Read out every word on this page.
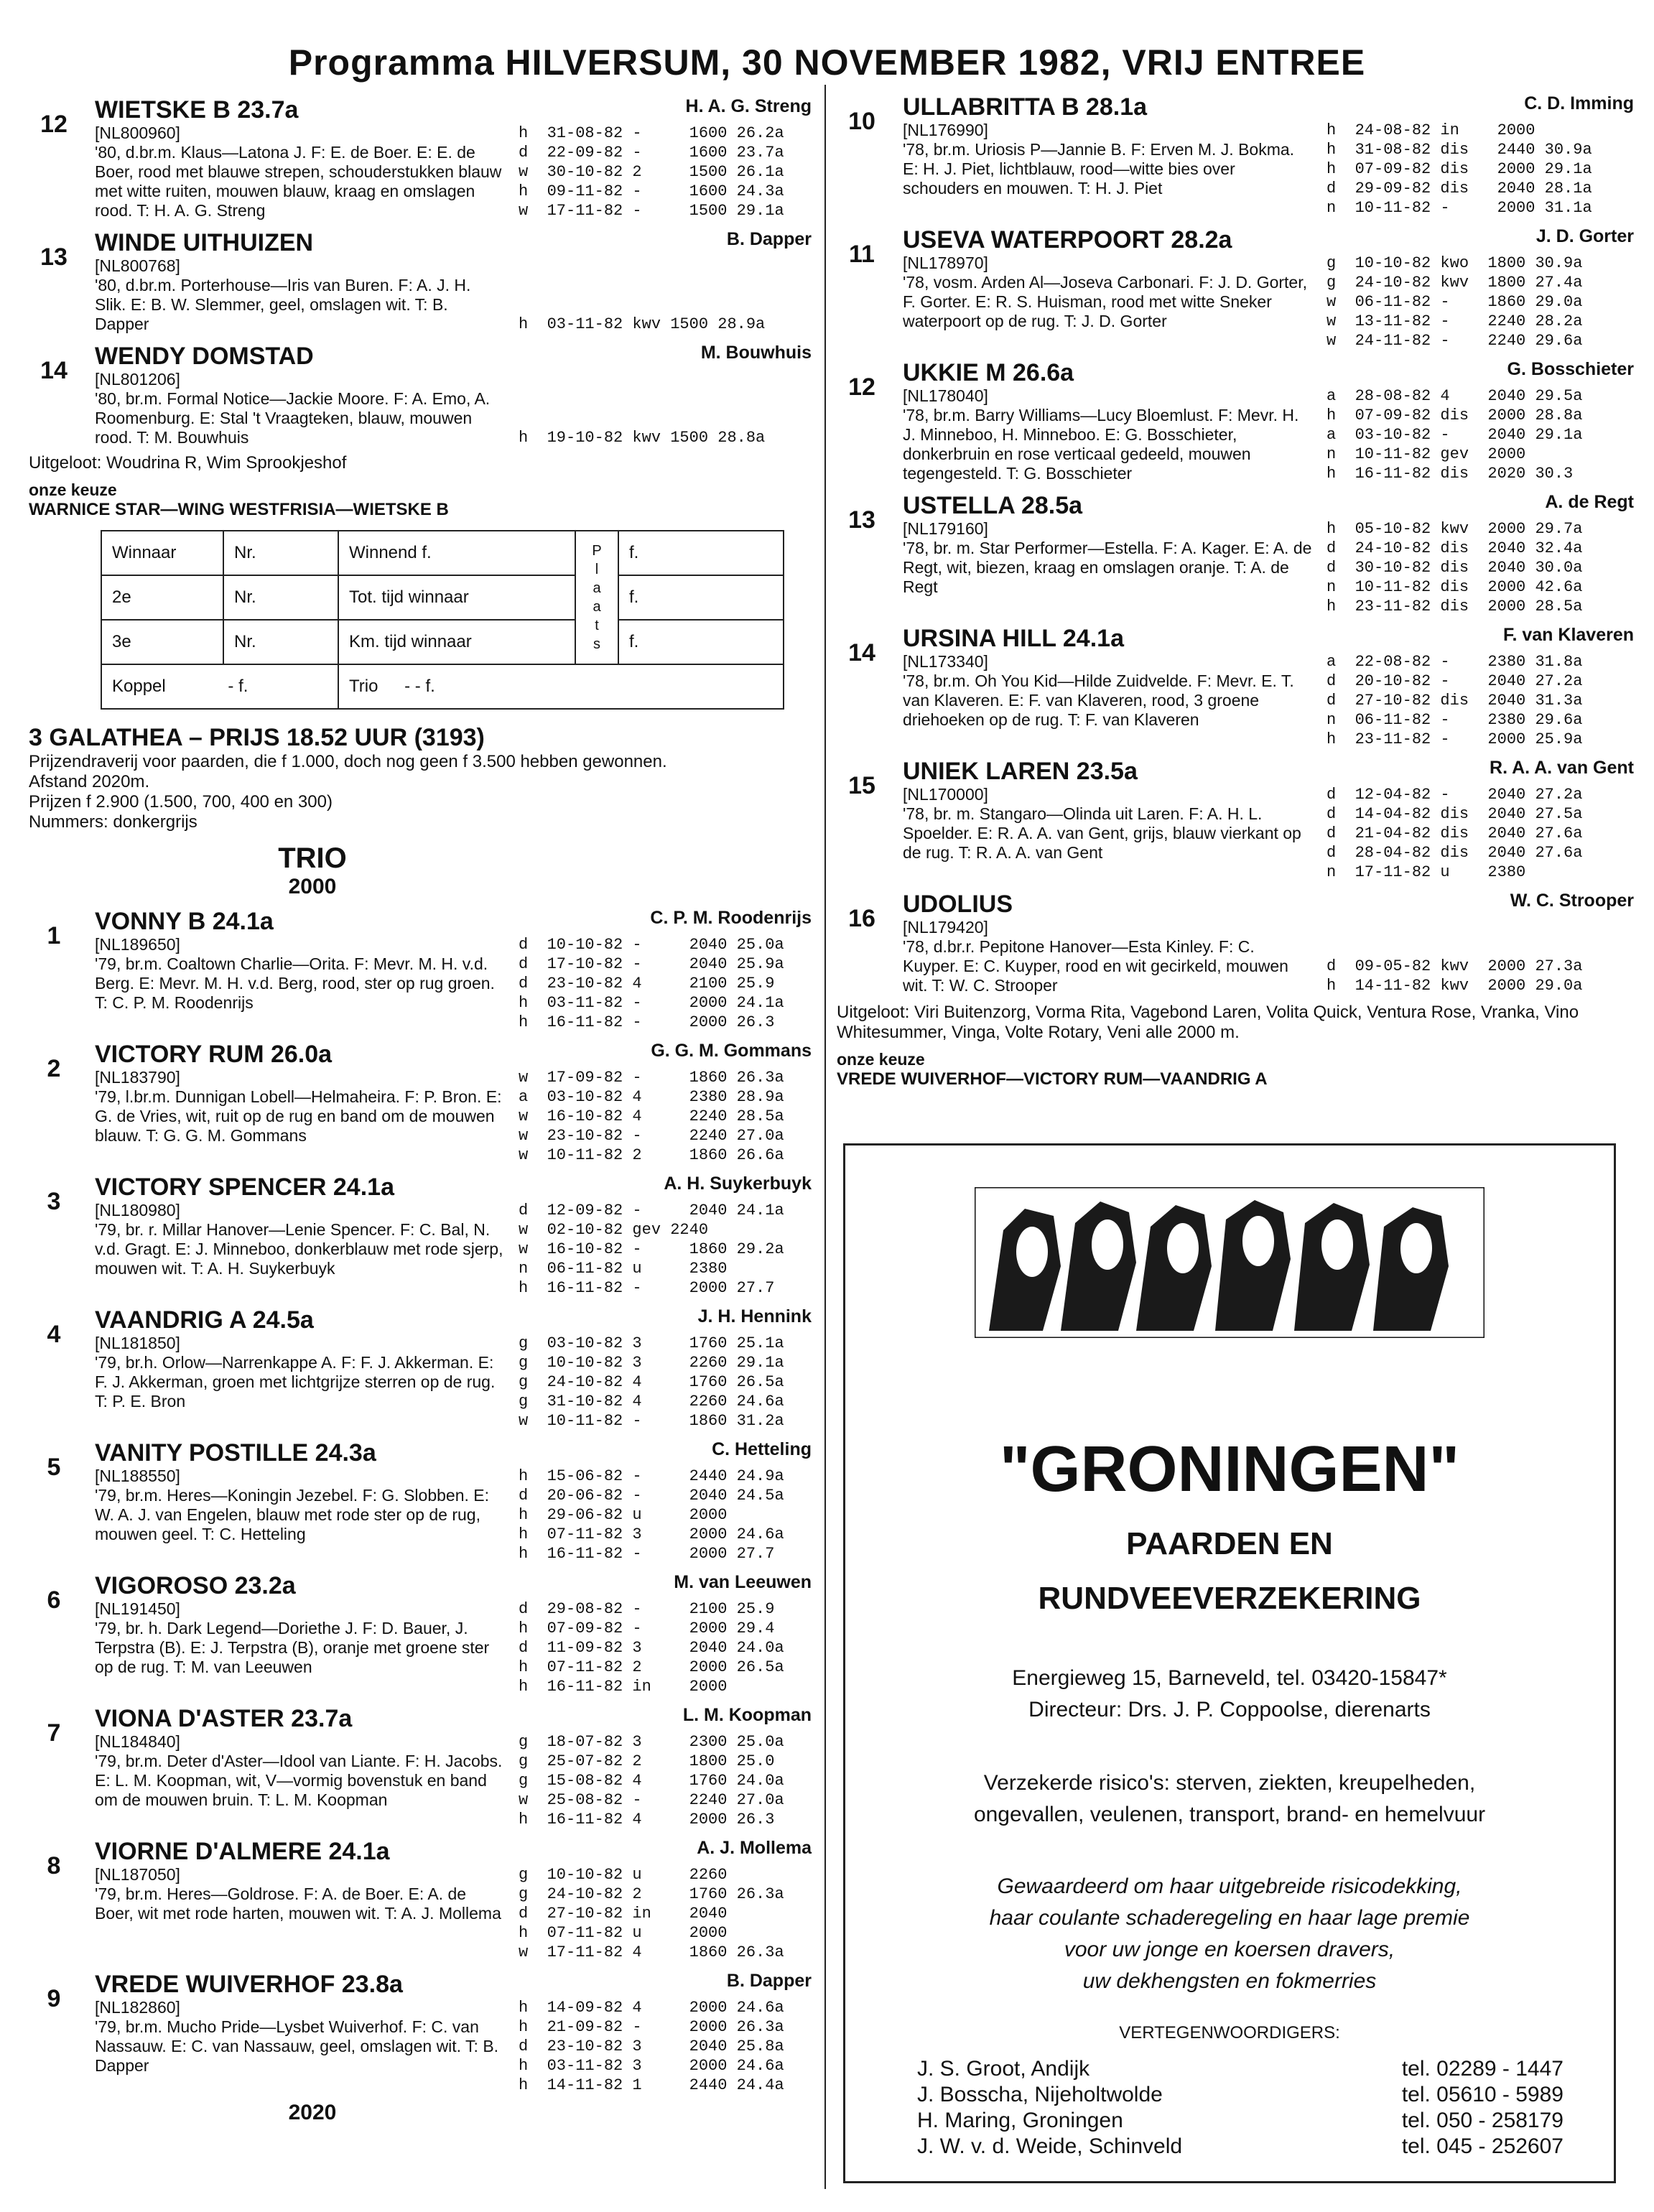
Programma HILVERSUM, 30 NOVEMBER 1982, VRIJ ENTREE
12
H. A. G. Streng
WIETSKE B 23.7a
[NL800960]
'80, d.br.m. Klaus—Latona J. F: E. de Boer. E: E. de Boer, rood met blauwe strepen, schouderstukken blauw met witte ruiten, mouwen blauw, kraag en omslagen rood. T: H. A. G. Streng
h  31-08-82 -     1600 26.2a
d  22-09-82 -     1600 23.7a
w  30-10-82 2     1500 26.1a
h  09-11-82 -     1600 24.3a
w  17-11-82 -     1500 29.1a
13
B. Dapper
WINDE UITHUIZEN
[NL800768]
'80, d.br.m. Porterhouse—Iris van Buren. F: A. J. H. Slik. E: B. W. Slemmer, geel, omslagen wit. T: B. Dapper	

h  03-11-82 kwv 1500 28.9a
14
M. Bouwhuis
WENDY DOMSTAD
[NL801206]
'80, br.m. Formal Notice—Jackie Moore. F: A. Emo, A. Roomenburg. E: Stal 't Vraagteken, blauw, mouwen rood. T: M. Bouwhuis	

h  19-10-82 kwv 1500 28.8a
Uitgeloot: Woudrina R, Wim Sprookjeshof
onze keuze
WARNICE STAR—WING WESTFRISIA—WIETSKE B
Winnaar	Nr.	Winnend f.	P l a a t s	f.
2e	Nr.	Tot. tijd winnaar		f.
3e	Nr.	Km. tijd winnaar		f.
Koppel - f.		Trio - - f.		
3 GALATHEA – PRIJS 18.52 UUR (3193)
Prijzendraverij voor paarden, die f 1.000, doch nog geen f 3.500 hebben gewonnen.
Afstand 2020m.
Prijzen f 2.900 (1.500, 700, 400 en 300)
Nummers: donkergrijs
TRIO
2000
1
C. P. M. Roodenrijs
VONNY B 24.1a
[NL189650]
'79, br.m. Coaltown Charlie—Orita. F: Mevr. M. H. v.d. Berg. E: Mevr. M. H. v.d. Berg, rood, ster op rug groen. T: C. P. M. Roodenrijs
d  10-10-82 -     2040 25.0a
d  17-10-82 -     2040 25.9a
d  23-10-82 4     2100 25.9
h  03-11-82 -     2000 24.1a
h  16-11-82 -     2000 26.3
2
G. G. M. Gommans
VICTORY RUM 26.0a
[NL183790]
'79, l.br.m. Dunnigan Lobell—Helmaheira. F: P. Bron. E: G. de Vries, wit, ruit op de rug en band om de mouwen blauw. T: G. G. M. Gommans
w  17-09-82 -     1860 26.3a
a  03-10-82 4     2380 28.9a
w  16-10-82 4     2240 28.5a
w  23-10-82 -     2240 27.0a
w  10-11-82 2     1860 26.6a
3
A. H. Suykerbuyk
VICTORY SPENCER 24.1a
[NL180980]
'79, br. r. Millar Hanover—Lenie Spencer. F: C. Bal, N. v.d. Gragt. E: J. Minneboo, donkerblauw met rode sjerp, mouwen wit. T: A. H. Suykerbuyk
d  12-09-82 -     2040 24.1a
w  02-10-82 gev 2240
w  16-10-82 -     1860 29.2a
n  06-11-82 u     2380
h  16-11-82 -     2000 27.7
4
J. H. Hennink
VAANDRIG A 24.5a
[NL181850]
'79, br.h. Orlow—Narrenkappe A. F: F. J. Akkerman. E: F. J. Akkerman, groen met lichtgrijze sterren op de rug. T: P. E. Bron
g  03-10-82 3     1760 25.1a
g  10-10-82 3     2260 29.1a
g  24-10-82 4     1760 26.5a
g  31-10-82 4     2260 24.6a
w  10-11-82 -     1860 31.2a
5
C. Hetteling
VANITY POSTILLE 24.3a
[NL188550]
'79, br.m. Heres—Koningin Jezebel. F: G. Slobben. E: W. A. J. van Engelen, blauw met rode ster op de rug, mouwen geel. T: C. Hetteling
h  15-06-82 -     2440 24.9a
d  20-06-82 -     2040 24.5a
h  29-06-82 u     2000
h  07-11-82 3     2000 24.6a
h  16-11-82 -     2000 27.7
6
M. van Leeuwen
VIGOROSO 23.2a
[NL191450]
'79, br. h. Dark Legend—Doriethe J. F: D. Bauer, J. Terpstra (B). E: J. Terpstra (B), oranje met groene ster op de rug. T: M. van Leeuwen
d  29-08-82 -     2100 25.9
h  07-09-82 -     2000 29.4
d  11-09-82 3     2040 24.0a
h  07-11-82 2     2000 26.5a
h  16-11-82 in    2000
7
L. M. Koopman
VIONA D'ASTER 23.7a
[NL184840]
'79, br.m. Deter d'Aster—Idool van Liante. F: H. Jacobs. E: L. M. Koopman, wit, V—vormig bovenstuk en band om de mouwen bruin. T: L. M. Koopman
g  18-07-82 3     2300 25.0a
g  25-07-82 2     1800 25.0
g  15-08-82 4     1760 24.0a
w  25-08-82 -     2240 27.0a
h  16-11-82 4     2000 26.3
8
A. J. Mollema
VIORNE D'ALMERE 24.1a
[NL187050]
'79, br.m. Heres—Goldrose. F: A. de Boer. E: A. de Boer, wit met rode harten, mouwen wit. T: A. J. Mollema
g  10-10-82 u     2260
g  24-10-82 2     1760 26.3a
d  27-10-82 in    2040
h  07-11-82 u     2000
w  17-11-82 4     1860 26.3a
9
B. Dapper
VREDE WUIVERHOF 23.8a
[NL182860]
'79, br.m. Mucho Pride—Lysbet Wuiverhof. F: C. van Nassauw. E: C. van Nassauw, geel, omslagen wit. T: B. Dapper
h  14-09-82 4     2000 24.6a
h  21-09-82 -     2000 26.3a
d  23-10-82 3     2040 25.8a
h  03-11-82 3     2000 24.6a
h  14-11-82 1     2440 24.4a
2020
10
C. D. Imming
ULLABRITTA B 28.1a
[NL176990]
'78, br.m. Uriosis P—Jannie B. F: Erven M. J. Bokma. E: H. J. Piet, lichtblauw, rood—witte bies over schouders en mouwen. T: H. J. Piet
h  24-08-82 in    2000
h  31-08-82 dis   2440 30.9a
h  07-09-82 dis   2000 29.1a
d  29-09-82 dis   2040 28.1a
n  10-11-82 -     2000 31.1a
11
J. D. Gorter
USEVA WATERPOORT 28.2a
[NL178970]
'78, vosm. Arden Al—Joseva Carbonari. F: J. D. Gorter, F. Gorter. E: R. S. Huisman, rood met witte Sneker waterpoort op de rug. T: J. D. Gorter
g  10-10-82 kwo  1800 30.9a
g  24-10-82 kwv  1800 27.4a
w  06-11-82 -    1860 29.0a
w  13-11-82 -    2240 28.2a
w  24-11-82 -    2240 29.6a
12
G. Bosschieter
UKKIE M 26.6a
[NL178040]
'78, br.m. Barry Williams—Lucy Bloemlust. F: Mevr. H. J. Minneboo, H. Minneboo. E: G. Bosschieter, donkerbruin en rose verticaal gedeeld, mouwen tegengesteld. T: G. Bosschieter
a  28-08-82 4    2040 29.5a
h  07-09-82 dis  2000 28.8a
a  03-10-82 -    2040 29.1a
n  10-11-82 gev  2000
h  16-11-82 dis  2020 30.3
13
A. de Regt
USTELLA 28.5a
[NL179160]
'78, br. m. Star Performer—Estella. F: A. Kager. E: A. de Regt, wit, biezen, kraag en omslagen oranje. T: A. de Regt
h  05-10-82 kwv  2000 29.7a
d  24-10-82 dis  2040 32.4a
d  30-10-82 dis  2040 30.0a
n  10-11-82 dis  2000 42.6a
h  23-11-82 dis  2000 28.5a
14
F. van Klaveren
URSINA HILL 24.1a
[NL173340]
'78, br.m. Oh You Kid—Hilde Zuidvelde. F: Mevr. E. T. van Klaveren. E: F. van Klaveren, rood, 3 groene driehoeken op de rug. T: F. van Klaveren
a  22-08-82 -    2380 31.8a
d  20-10-82 -    2040 27.2a
d  27-10-82 dis  2040 31.3a
n  06-11-82 -    2380 29.6a
h  23-11-82 -    2000 25.9a
15
R. A. A. van Gent
UNIEK LAREN 23.5a
[NL170000]
'78, br. m. Stangaro—Olinda uit Laren. F: A. H. L. Spoelder. E: R. A. A. van Gent, grijs, blauw vierkant op de rug. T: R. A. A. van Gent
d  12-04-82 -    2040 27.2a
d  14-04-82 dis  2040 27.5a
d  21-04-82 dis  2040 27.6a
d  28-04-82 dis  2040 27.6a
n  17-11-82 u    2380
16
W. C. Strooper
UDOLIUS
[NL179420]
'78, d.br.r. Pepitone Hanover—Esta Kinley. F: C. Kuyper. E: C. Kuyper, rood en wit gecirkeld, mouwen wit. T: W. C. Strooper

d  09-05-82 kwv  2000 27.3a
h  14-11-82 kwv  2000 29.0a
Uitgeloot: Viri Buitenzorg, Vorma Rita, Vagebond Laren, Volita Quick, Ventura Rose, Vranka, Vino Whitesummer, Vinga, Volte Rotary, Veni alle 2000 m.
onze keuze
VREDE WUIVERHOF—VICTORY RUM—VAANDRIG A
"GRONINGEN"
PAARDEN EN
RUNDVEEVERZEKERING
Energieweg 15, Barneveld, tel. 03420-15847*
Directeur: Drs. J. P. Coppoolse, dierenarts
Verzekerde risico's: sterven, ziekten, kreupelheden,
ongevallen, veulenen, transport, brand- en hemelvuur
Gewaardeerd om haar uitgebreide risicodekking,
haar coulante schaderegeling en haar lage premie
voor uw jonge en koersen dravers,
uw dekhengsten en fokmerries
VERTEGENWOORDIGERS:
J. S. Groot, Andijk	tel. 02289 - 1447
J. Bosscha, Nijeholtwolde	tel. 05610 - 5989
H. Maring, Groningen	tel. 050 - 258179
J. W. v. d. Weide, Schinveld	tel. 045 - 252607
